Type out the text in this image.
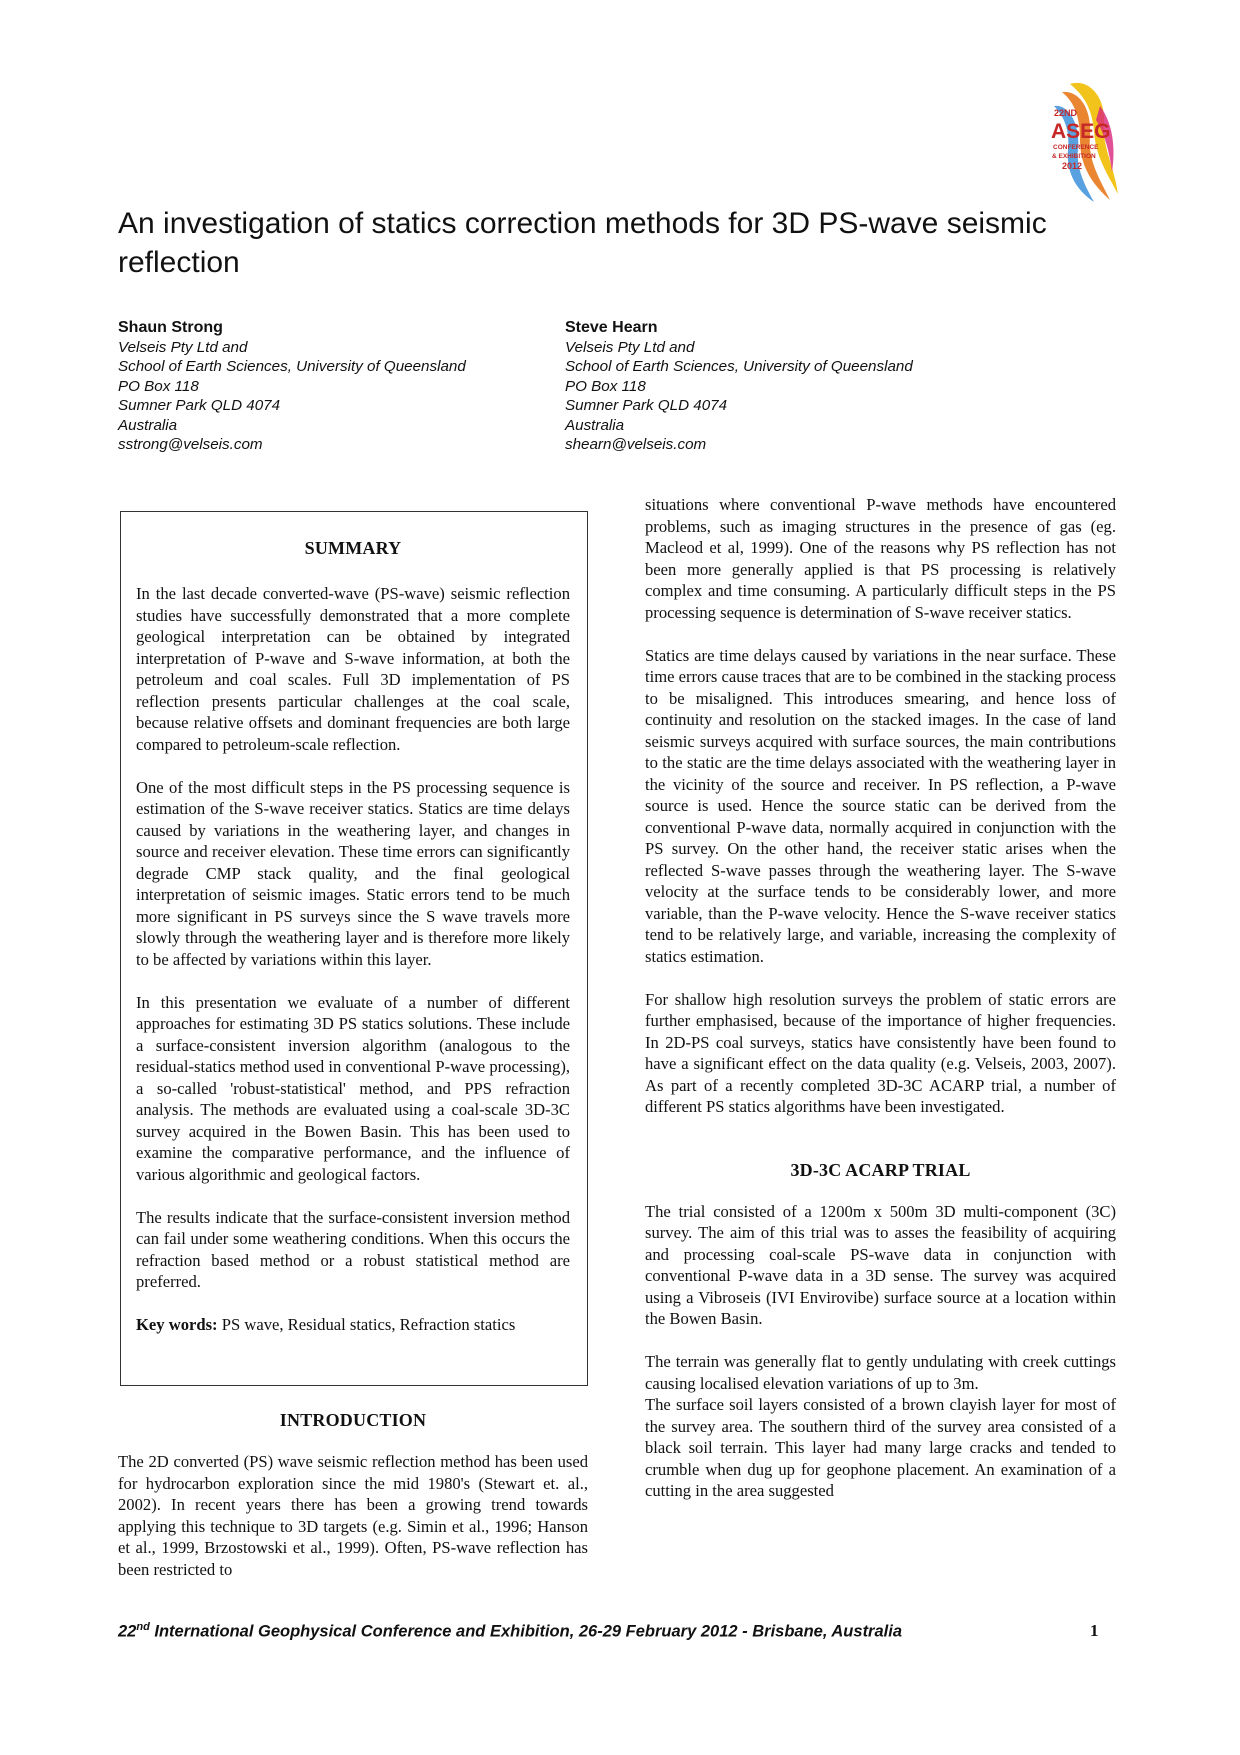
22ND
ASEG
CONFERENCE
& EXHIBITION
2012
An investigation of statics correction methods for 3D PS-wave seismic reflection
Shaun Strong
Velseis Pty Ltd and
School of Earth Sciences, University of Queensland
PO Box 118
Sumner Park QLD 4074
Australia
sstrong@velseis.com
Steve Hearn
Velseis Pty Ltd and
School of Earth Sciences, University of Queensland
PO Box 118
Sumner Park QLD 4074
Australia
shearn@velseis.com
SUMMARY

In the last decade converted-wave (PS-wave) seismic reflection studies have successfully demonstrated that a more complete geological interpretation can be obtained by integrated interpretation of P-wave and S-wave information, at both the petroleum and coal scales. Full 3D implementation of PS reflection presents particular challenges at the coal scale, because relative offsets and dominant frequencies are both large compared to petroleum-scale reflection.

One of the most difficult steps in the PS processing sequence is estimation of the S-wave receiver statics. Statics are time delays caused by variations in the weathering layer, and changes in source and receiver elevation. These time errors can significantly degrade CMP stack quality, and the final geological interpretation of seismic images. Static errors tend to be much more significant in PS surveys since the S wave travels more slowly through the weathering layer and is therefore more likely to be affected by variations within this layer.

In this presentation we evaluate of a number of different approaches for estimating 3D PS statics solutions. These include a surface-consistent inversion algorithm (analogous to the residual-statics method used in conventional P-wave processing), a so-called 'robust-statistical' method, and PPS refraction analysis. The methods are evaluated using a coal-scale 3D-3C survey acquired in the Bowen Basin. This has been used to examine the comparative performance, and the influence of various algorithmic and geological factors.

The results indicate that the surface-consistent inversion method can fail under some weathering conditions. When this occurs the refraction based method or a robust statistical method are preferred.

Key words: PS wave, Residual statics, Refraction statics

INTRODUCTION

The 2D converted (PS) wave seismic reflection method has been used for hydrocarbon exploration since the mid 1980's (Stewart et. al., 2002). In recent years there has been a growing trend towards applying this technique to 3D targets (e.g. Simin et al., 1996; Hanson et al., 1999, Brzostowski et al., 1999). Often, PS-wave reflection has been restricted to

situations where conventional P-wave methods have encountered problems, such as imaging structures in the presence of gas (eg. Macleod et al, 1999). One of the reasons why PS reflection has not been more generally applied is that PS processing is relatively complex and time consuming. A particularly difficult steps in the PS processing sequence is determination of S-wave receiver statics.

Statics are time delays caused by variations in the near surface. These time errors cause traces that are to be combined in the stacking process to be misaligned. This introduces smearing, and hence loss of continuity and resolution on the stacked images. In the case of land seismic surveys acquired with surface sources, the main contributions to the static are the time delays associated with the weathering layer in the vicinity of the source and receiver. In PS reflection, a P-wave source is used. Hence the source static can be derived from the conventional P-wave data, normally acquired in conjunction with the PS survey. On the other hand, the receiver static arises when the reflected S-wave passes through the weathering layer. The S-wave velocity at the surface tends to be considerably lower, and more variable, than the P-wave velocity. Hence the S-wave receiver statics tend to be relatively large, and variable, increasing the complexity of statics estimation.

For shallow high resolution surveys the problem of static errors are further emphasised, because of the importance of higher frequencies. In 2D-PS coal surveys, statics have consistently have been found to have a significant effect on the data quality (e.g. Velseis, 2003, 2007). As part of a recently completed 3D-3C ACARP trial, a number of different PS statics algorithms have been investigated.

3D-3C ACARP TRIAL

The trial consisted of a 1200m x 500m 3D multi-component (3C) survey. The aim of this trial was to asses the feasibility of acquiring and processing coal-scale PS-wave data in conjunction with conventional P-wave data in a 3D sense. The survey was acquired using a Vibroseis (IVI Envirovibe) surface source at a location within the Bowen Basin.

The terrain was generally flat to gently undulating with creek cuttings causing localised elevation variations of up to 3m.

The surface soil layers consisted of a brown clayish layer for most of the survey area. The southern third of the survey area consisted of a black soil terrain. This layer had many large cracks and tended to crumble when dug up for geophone placement. An examination of a cutting in the area suggested

22nd International Geophysical Conference and Exhibition, 26-29 February 2012 - Brisbane, Australia	1
